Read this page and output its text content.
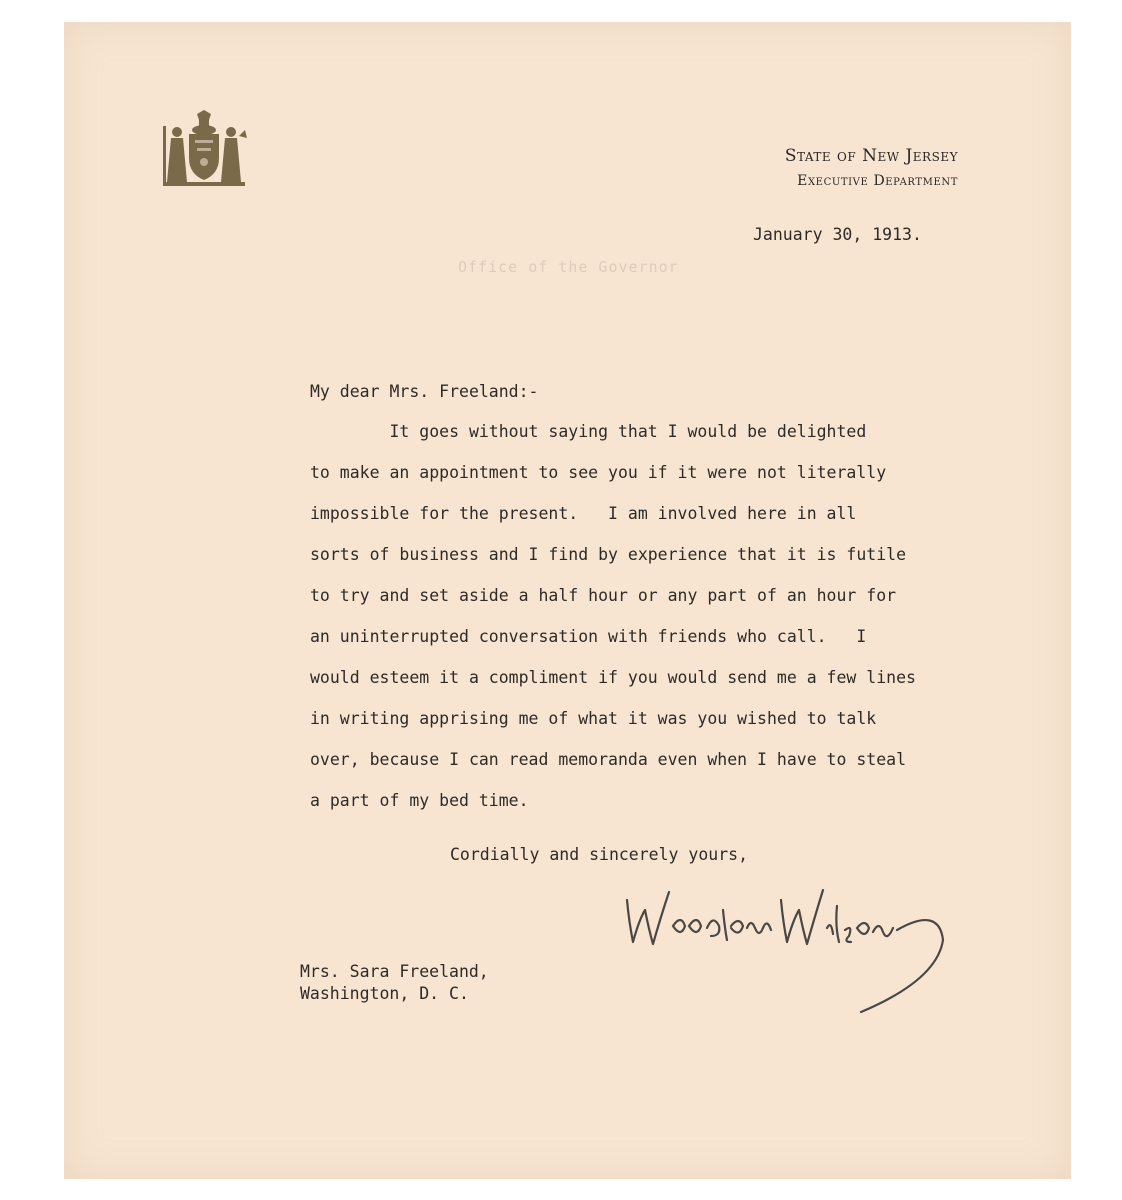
State of New Jersey
Executive Department
January 30, 1913.
Office of the Governor
My dear Mrs. Freeland:-
It goes without saying that I would be delighted
to make an appointment to see you if it were not literally
impossible for the present.   I am involved here in all
sorts of business and I find by experience that it is futile
to try and set aside a half hour or any part of an hour for
an uninterrupted conversation with friends who call.   I
would esteem it a compliment if you would send me a few lines
in writing apprising me of what it was you wished to talk
over, because I can read memoranda even when I have to steal
a part of my bed time.
Cordially and sincerely yours,
Mrs. Sara Freeland,
Washington, D. C.
